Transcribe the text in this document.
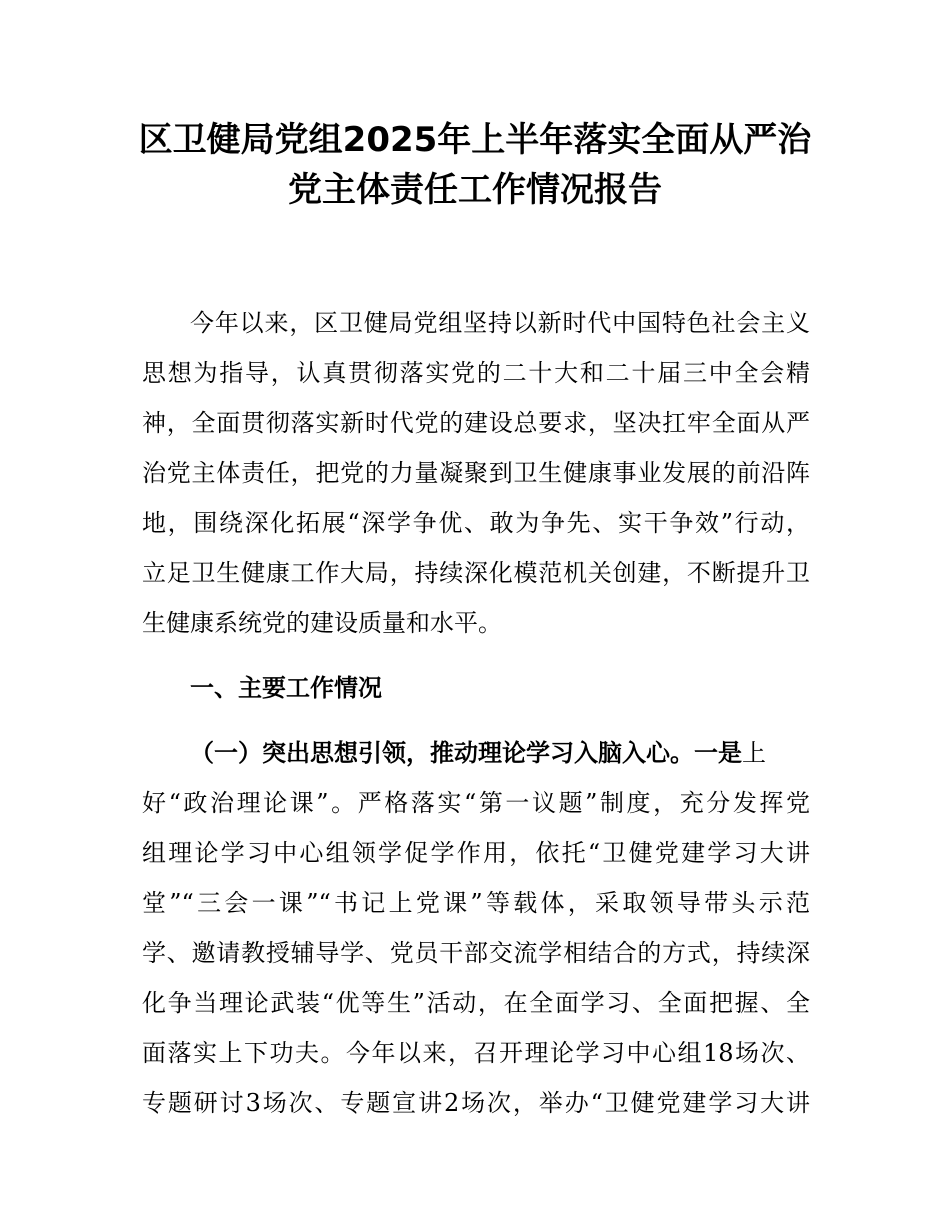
区卫健局党组2025年上半年落实全面从严治
党主体责任工作情况报告
今年以来，区卫健局党组坚持以新时代中国特色社会主义
思想为指导，认真贯彻落实党的二十大和二十届三中全会精
神，全面贯彻落实新时代党的建设总要求，坚决扛牢全面从严
治党主体责任，把党的力量凝聚到卫生健康事业发展的前沿阵
地，围绕深化拓展“深学争优、敢为争先、实干争效”行动，
立足卫生健康工作大局，持续深化模范机关创建，不断提升卫
生健康系统党的建设质量和水平。
一、主要工作情况
（一）突出思想引领，推动理论学习入脑入心。一是上
好“政治理论课”。严格落实“第一议题”制度，充分发挥党
组理论学习中心组领学促学作用，依托“卫健党建学习大讲
堂”“三会一课”“书记上党课”等载体，采取领导带头示范
学、邀请教授辅导学、党员干部交流学相结合的方式，持续深
化争当理论武装“优等生”活动，在全面学习、全面把握、全
面落实上下功夫。今年以来，召开理论学习中心组18场次、
专题研讨3场次、专题宣讲2场次，举办“卫健党建学习大讲
